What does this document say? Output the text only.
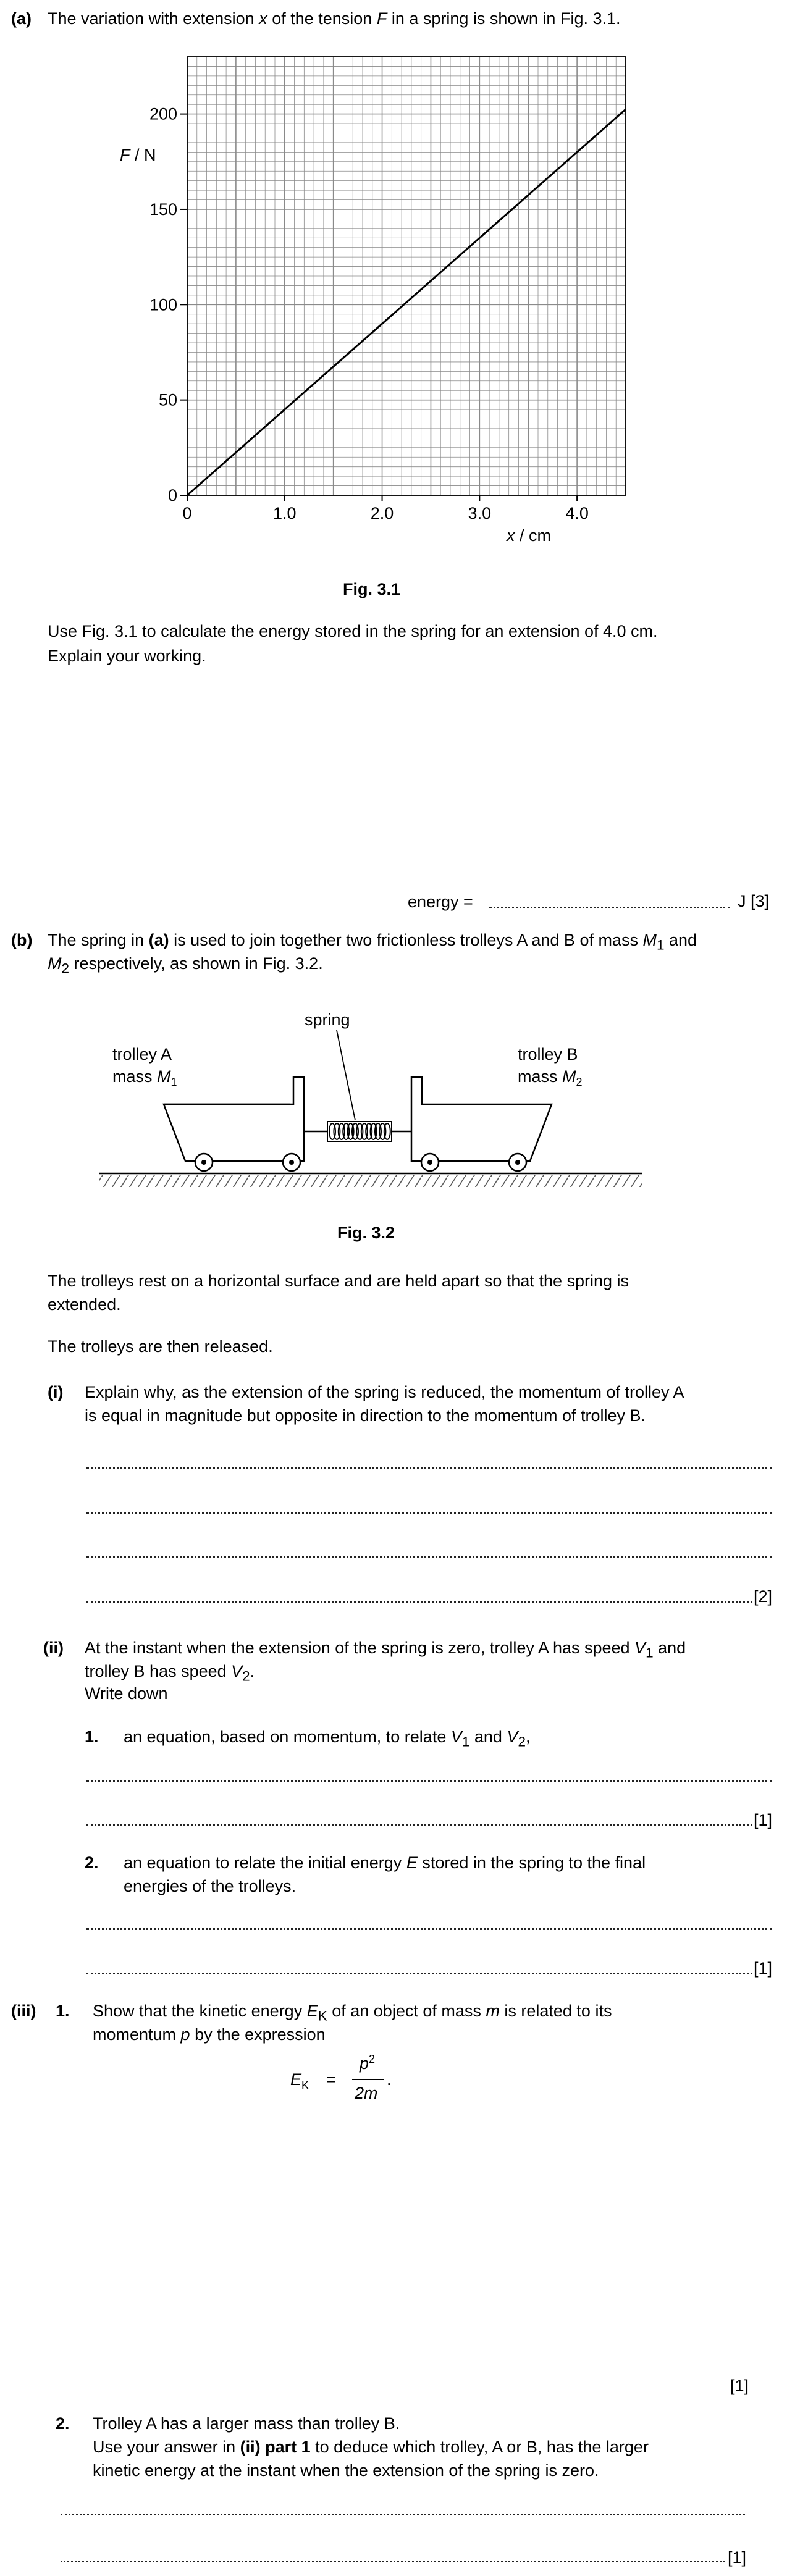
(a) The variation with extension x of the tension F in a spring is shown in Fig. 3.1.
0	1.0	2.0	3.0	4.0
0
50
100
150
200
F / N
x / cm
Fig. 3.1
Use Fig. 3.1 to calculate the energy stored in the spring for an extension of 4.0 cm.
Explain your working.
energy =	J [3]
(b) The spring in (a) is used to join together two frictionless trolleys A and B of mass $M_1$ and
$M_2$ respectively, as shown in Fig. 3.2.
spring
trolley A
mass $M_1$
trolley B
mass $M_2$
Fig. 3.2
The trolleys rest on a horizontal surface and are held apart so that the spring is
extended.
The trolleys are then released.
(i) Explain why, as the extension of the spring is reduced, the momentum of trolley A
is equal in magnitude but opposite in direction to the momentum of trolley B.
[2]
(ii) At the instant when the extension of the spring is zero, trolley A has speed $V_1$ and
trolley B has speed $V_2$.
Write down
1. an equation, based on momentum, to relate $V_1$ and $V_2$,
[1]
2. an equation to relate the initial energy E stored in the spring to the final
energies of the trolleys.
[1]
(iii) 1. Show that the kinetic energy $E_K$ of an object of mass m is related to its
momentum p by the expression
$E_K$ =
$p^2$
2m
.
[1]
2. Trolley A has a larger mass than trolley B.
Use your answer in (ii) part 1 to deduce which trolley, A or B, has the larger
kinetic energy at the instant when the extension of the spring is zero.
[1]
